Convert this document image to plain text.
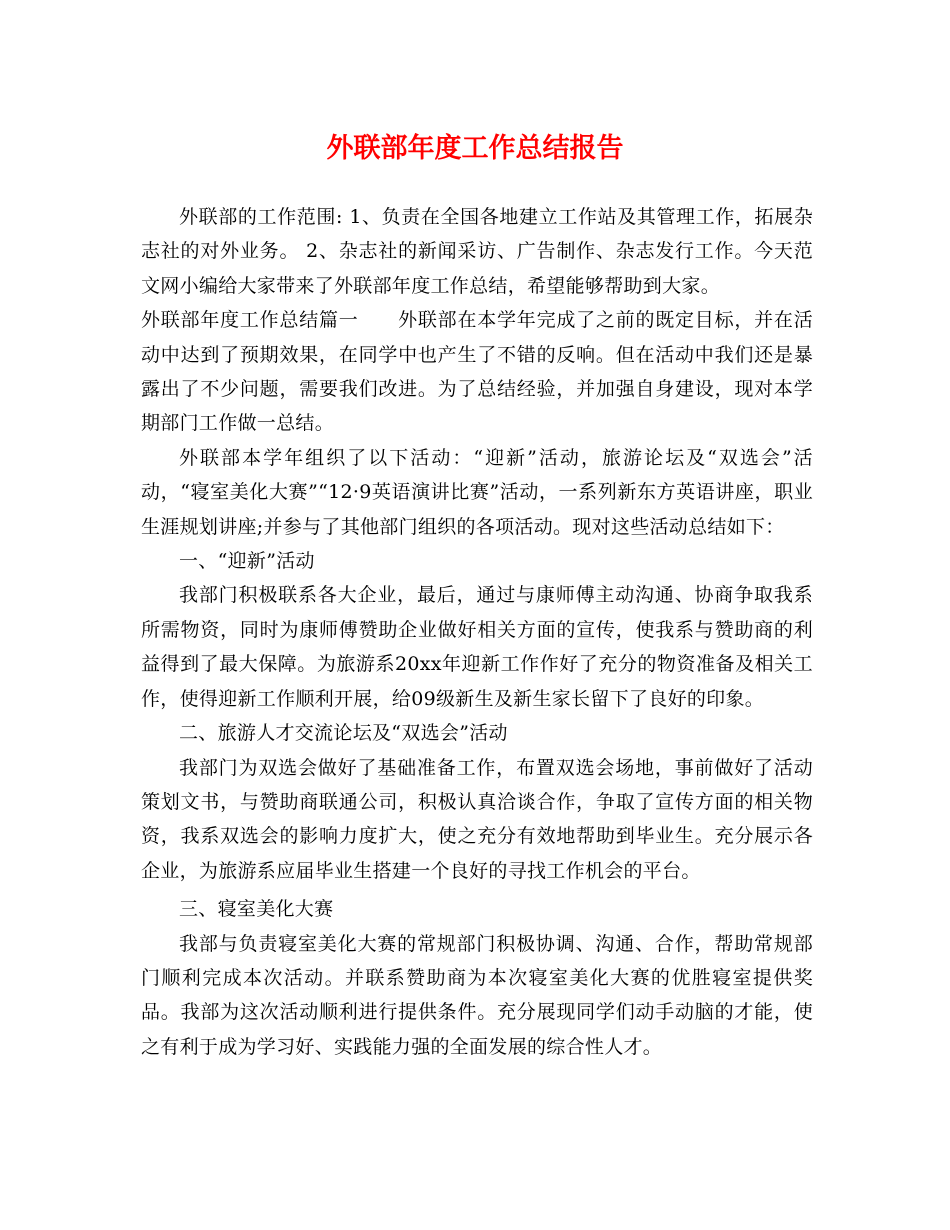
外联部年度工作总结报告

外联部的工作范围: 1、负责在全国各地建立工作站及其管理工作，拓展杂志社的对外业务。 2、杂志社的新闻采访、广告制作、杂志发行工作。今天范文网小编给大家带来了外联部年度工作总结，希望能够帮助到大家。

外联部年度工作总结篇一　　外联部在本学年完成了之前的既定目标，并在活动中达到了预期效果，在同学中也产生了不错的反响。但在活动中我们还是暴露出了不少问题，需要我们改进。为了总结经验，并加强自身建设，现对本学期部门工作做一总结。

外联部本学年组织了以下活动：“迎新”活动，旅游论坛及“双选会”活动，“寝室美化大赛”“12·9英语演讲比赛”活动，一系列新东方英语讲座，职业生涯规划讲座;并参与了其他部门组织的各项活动。现对这些活动总结如下：

一、“迎新”活动

我部门积极联系各大企业，最后，通过与康师傅主动沟通、协商争取我系所需物资，同时为康师傅赞助企业做好相关方面的宣传，使我系与赞助商的利益得到了最大保障。为旅游系20xx年迎新工作作好了充分的物资准备及相关工作，使得迎新工作顺利开展，给09级新生及新生家长留下了良好的印象。

二、旅游人才交流论坛及“双选会”活动

我部门为双选会做好了基础准备工作，布置双选会场地，事前做好了活动策划文书，与赞助商联通公司，积极认真洽谈合作，争取了宣传方面的相关物资，我系双选会的影响力度扩大，使之充分有效地帮助到毕业生。充分展示各企业，为旅游系应届毕业生搭建一个良好的寻找工作机会的平台。

三、寝室美化大赛

我部与负责寝室美化大赛的常规部门积极协调、沟通、合作，帮助常规部门顺利完成本次活动。并联系赞助商为本次寝室美化大赛的优胜寝室提供奖品。我部为这次活动顺利进行提供条件。充分展现同学们动手动脑的才能，使之有利于成为学习好、实践能力强的全面发展的综合性人才。
